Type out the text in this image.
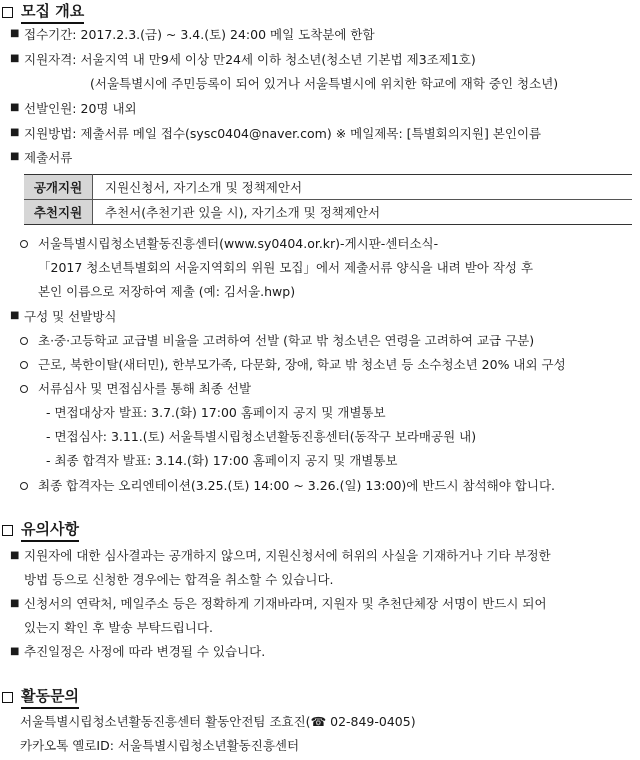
모집 개요
■ 접수기간: 2017.2.3.(금) ~ 3.4.(토) 24:00 메일 도착분에 한함
■ 지원자격: 서울지역 내 만9세 이상 만24세 이하 청소년(청소년 기본법 제3조제1호)
(서울특별시에 주민등록이 되어 있거나 서울특별시에 위치한 학교에 재학 중인 청소년)
■ 선발인원: 20명 내외
■ 지원방법: 제출서류 메일 접수(sysc0404@naver.com) ※ 메일제목: [특별회의지원] 본인이름
■ 제출서류
공개지원	지원신청서, 자기소개 및 정책제안서
추천지원	추천서(추천기관 있을 시), 자기소개 및 정책제안서
서울특별시립청소년활동진흥센터(www.sy0404.or.kr)-게시판-센터소식-
「2017 청소년특별회의 서울지역회의 위원 모집」에서 제출서류 양식을 내려 받아 작성 후
본인 이름으로 저장하여 제출 (예: 김서울.hwp)
■ 구성 및 선발방식
초·중·고등학교 교급별 비율을 고려하여 선발 (학교 밖 청소년은 연령을 고려하여 교급 구분)
근로, 북한이탈(새터민), 한부모가족, 다문화, 장애, 학교 밖 청소년 등 소수청소년 20% 내외 구성
서류심사 및 면접심사를 통해 최종 선발
- 면접대상자 발표: 3.7.(화) 17:00 홈페이지 공지 및 개별통보
- 면접심사: 3.11.(토) 서울특별시립청소년활동진흥센터(동작구 보라매공원 내)
- 최종 합격자 발표: 3.14.(화) 17:00 홈페이지 공지 및 개별통보
최종 합격자는 오리엔테이션(3.25.(토) 14:00 ~ 3.26.(일) 13:00)에 반드시 참석해야 합니다.
유의사항
■ 지원자에 대한 심사결과는 공개하지 않으며, 지원신청서에 허위의 사실을 기재하거나 기타 부정한
방법 등으로 신청한 경우에는 합격을 취소할 수 있습니다.
■ 신청서의 연락처, 메일주소 등은 정확하게 기재바라며, 지원자 및 추천단체장 서명이 반드시 되어
있는지 확인 후 발송 부탁드립니다.
■ 추진일정은 사정에 따라 변경될 수 있습니다.
활동문의
서울특별시립청소년활동진흥센터 활동안전팀 조효진(☎ 02-849-0405)
카카오톡 옐로ID: 서울특별시립청소년활동진흥센터
